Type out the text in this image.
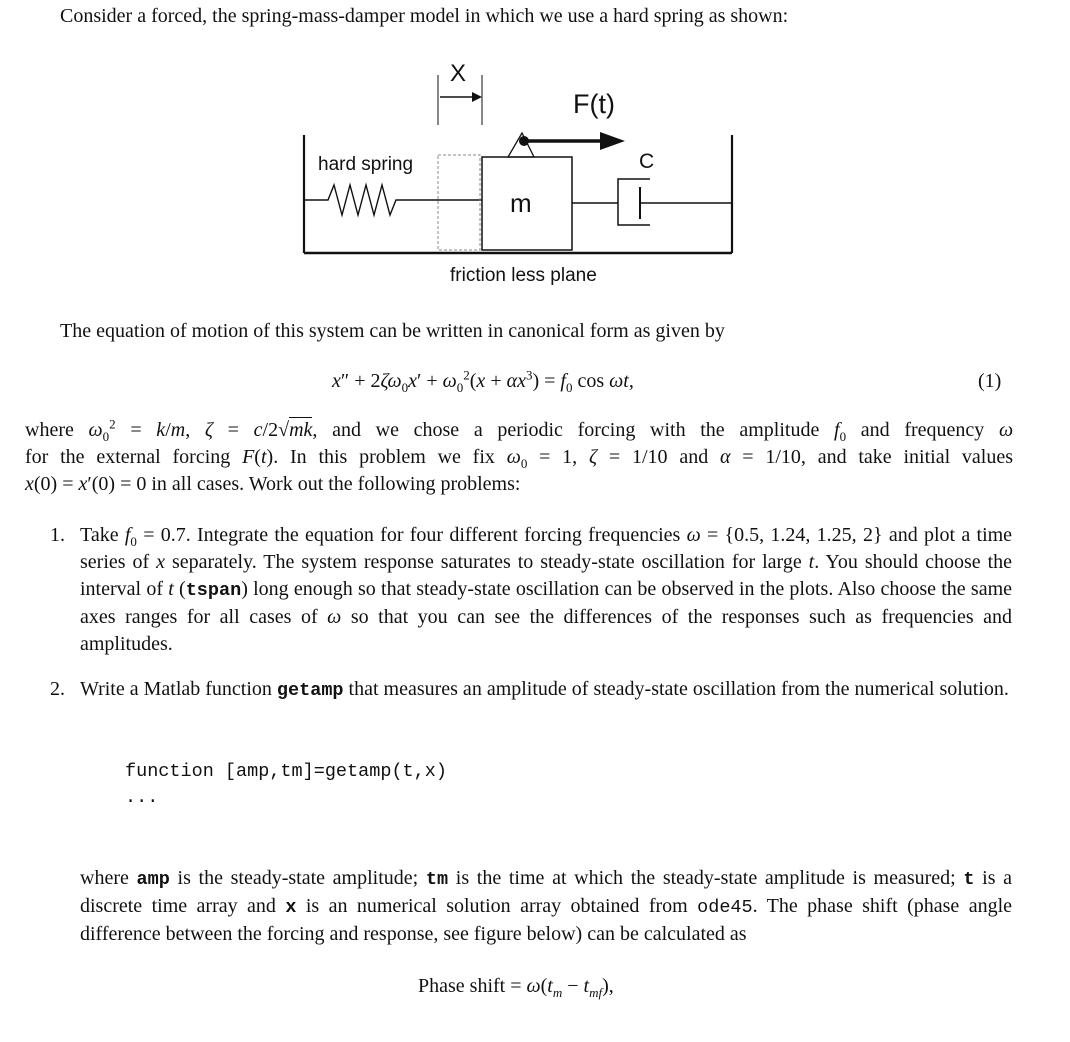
Consider a forced, the spring-mass-damper model in which we use a hard spring as shown:

X
m
F(t)
C
hard spring
friction less plane

The equation of motion of this system can be written in canonical form as given by

$x'' + 2\zeta\omega_0x' + \omega_0^2(x + \alpha x^3) = f_0$ cos ωt,	(1)

where $\omega_0^2 = k/m$, ζ = c/2√mk, and we chose a periodic forcing with the amplitude $f_0$ and frequency ω

for the external forcing F(t). In this problem we fix $\omega_0 = 1$, ζ = 1/10 and α = 1/10, and take initial values

x(0) = x′(0) = 0 in all cases. Work out the following problems:

1. Take $f_0 = 0.7$. Integrate the equation for four different forcing frequencies ω = {0.5, 1.24, 1.25, 2} and plot a time series of x separately. The system response saturates to steady-state oscillation for large t. You should choose the interval of t (tspan) long enough so that steady-state oscillation can be observed in the plots. Also choose the same axes ranges for all cases of ω so that you can see the differences of the responses such as frequencies and amplitudes.

2. Write a Matlab function getamp that measures an amplitude of steady-state oscillation from the numerical solution.

function [amp,tm]=getamp(t,x)
...

where amp is the steady-state amplitude; tm is the time at which the steady-state amplitude is measured; t is a discrete time array and x is an numerical solution array obtained from ode45. The phase shift (phase angle difference between the forcing and response, see figure below) can be calculated as

Phase shift = $\omega(t_m - t_{mf})$,
